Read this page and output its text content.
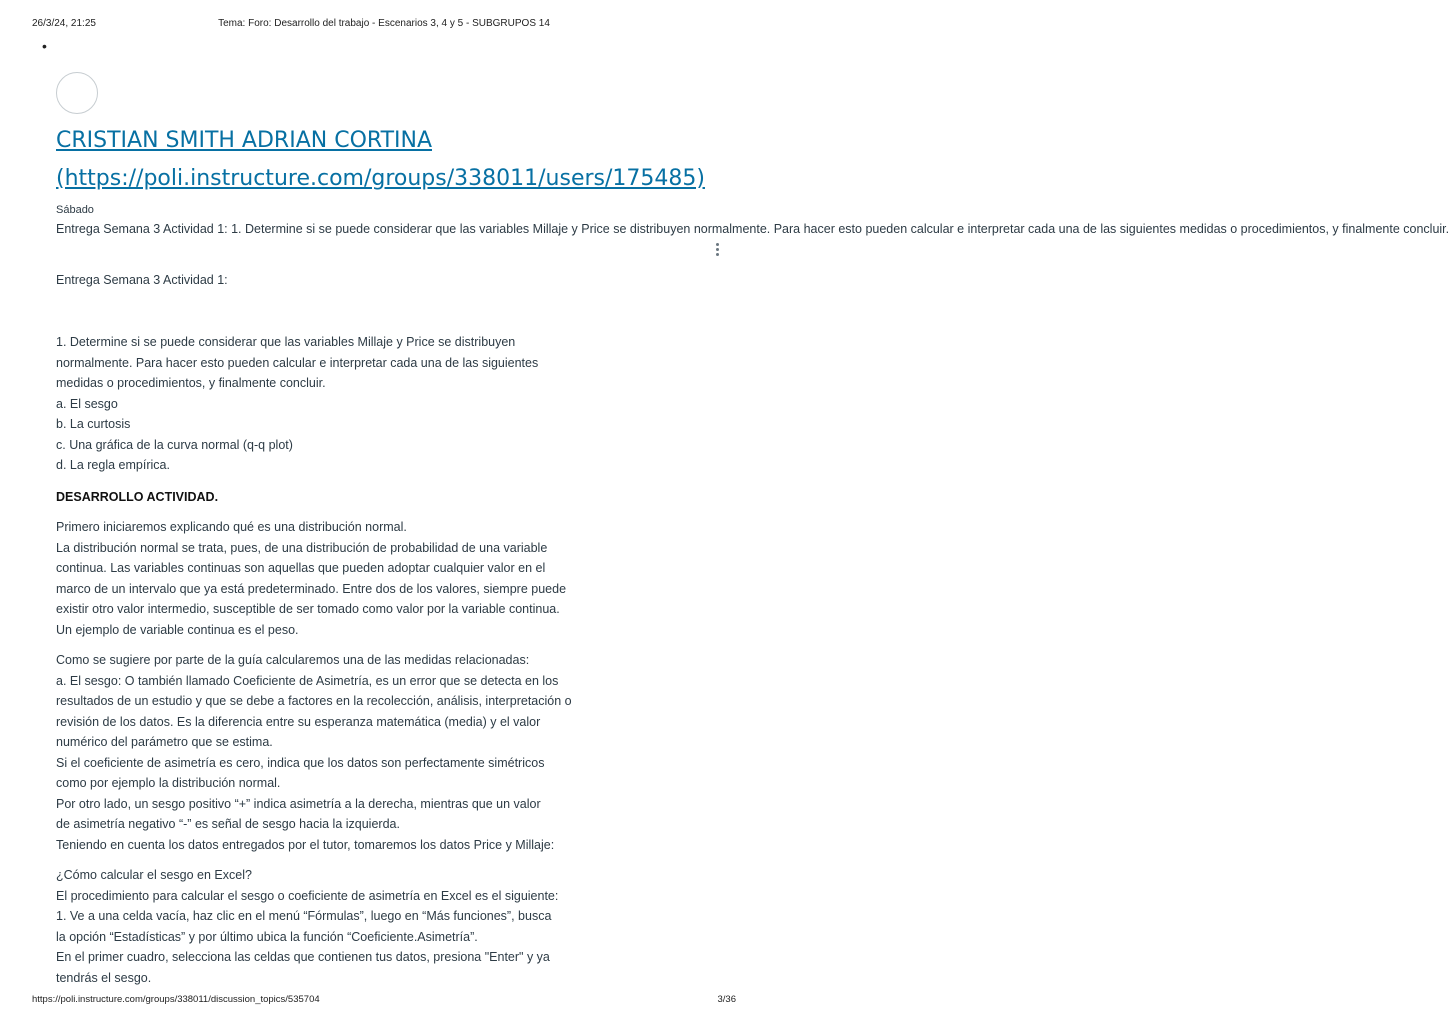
26/3/24, 21:25	Tema: Foro: Desarrollo del trabajo - Escenarios 3, 4 y 5 - SUBGRUPOS 14
•
CRISTIAN SMITH ADRIAN CORTINA
(https://poli.instructure.com/groups/338011/users/175485)
Sábado
Entrega Semana 3 Actividad 1: 1. Determine si se puede considerar que las variables Millaje y Price se distribuyen normalmente. Para hacer esto pueden calcular e interpretar cada una de las siguientes medidas o procedimientos, y finalmente concluir.
Entrega Semana 3 Actividad 1:
1. Determine si se puede considerar que las variables Millaje y Price se distribuyen
normalmente. Para hacer esto pueden calcular e interpretar cada una de las siguientes
medidas o procedimientos, y finalmente concluir.
a. El sesgo
b. La curtosis
c. Una gráfica de la curva normal (q-q plot)
d. La regla empírica.
DESARROLLO ACTIVIDAD.
Primero iniciaremos explicando qué es una distribución normal.
La distribución normal se trata, pues, de una distribución de probabilidad de una variable
continua. Las variables continuas son aquellas que pueden adoptar cualquier valor en el
marco de un intervalo que ya está predeterminado. Entre dos de los valores, siempre puede
existir otro valor intermedio, susceptible de ser tomado como valor por la variable continua.
Un ejemplo de variable continua es el peso.
Como se sugiere por parte de la guía calcularemos una de las medidas relacionadas:
a. El sesgo: O también llamado Coeficiente de Asimetría, es un error que se detecta en los
resultados de un estudio y que se debe a factores en la recolección, análisis, interpretación o
revisión de los datos. Es la diferencia entre su esperanza matemática (media) y el valor
numérico del parámetro que se estima.
Si el coeficiente de asimetría es cero, indica que los datos son perfectamente simétricos
como por ejemplo la distribución normal.
Por otro lado, un sesgo positivo “+” indica asimetría a la derecha, mientras que un valor
de asimetría negativo “-” es señal de sesgo hacia la izquierda.
Teniendo en cuenta los datos entregados por el tutor, tomaremos los datos Price y Millaje:
¿Cómo calcular el sesgo en Excel?
El procedimiento para calcular el sesgo o coeficiente de asimetría en Excel es el siguiente:
1. Ve a una celda vacía, haz clic en el menú “Fórmulas”, luego en “Más funciones”, busca
la opción “Estadísticas” y por último ubica la función “Coeficiente.Asimetría”.
En el primer cuadro, selecciona las celdas que contienen tus datos, presiona "Enter" y ya
tendrás el sesgo.
https://poli.instructure.com/groups/338011/discussion_topics/535704	3/36
